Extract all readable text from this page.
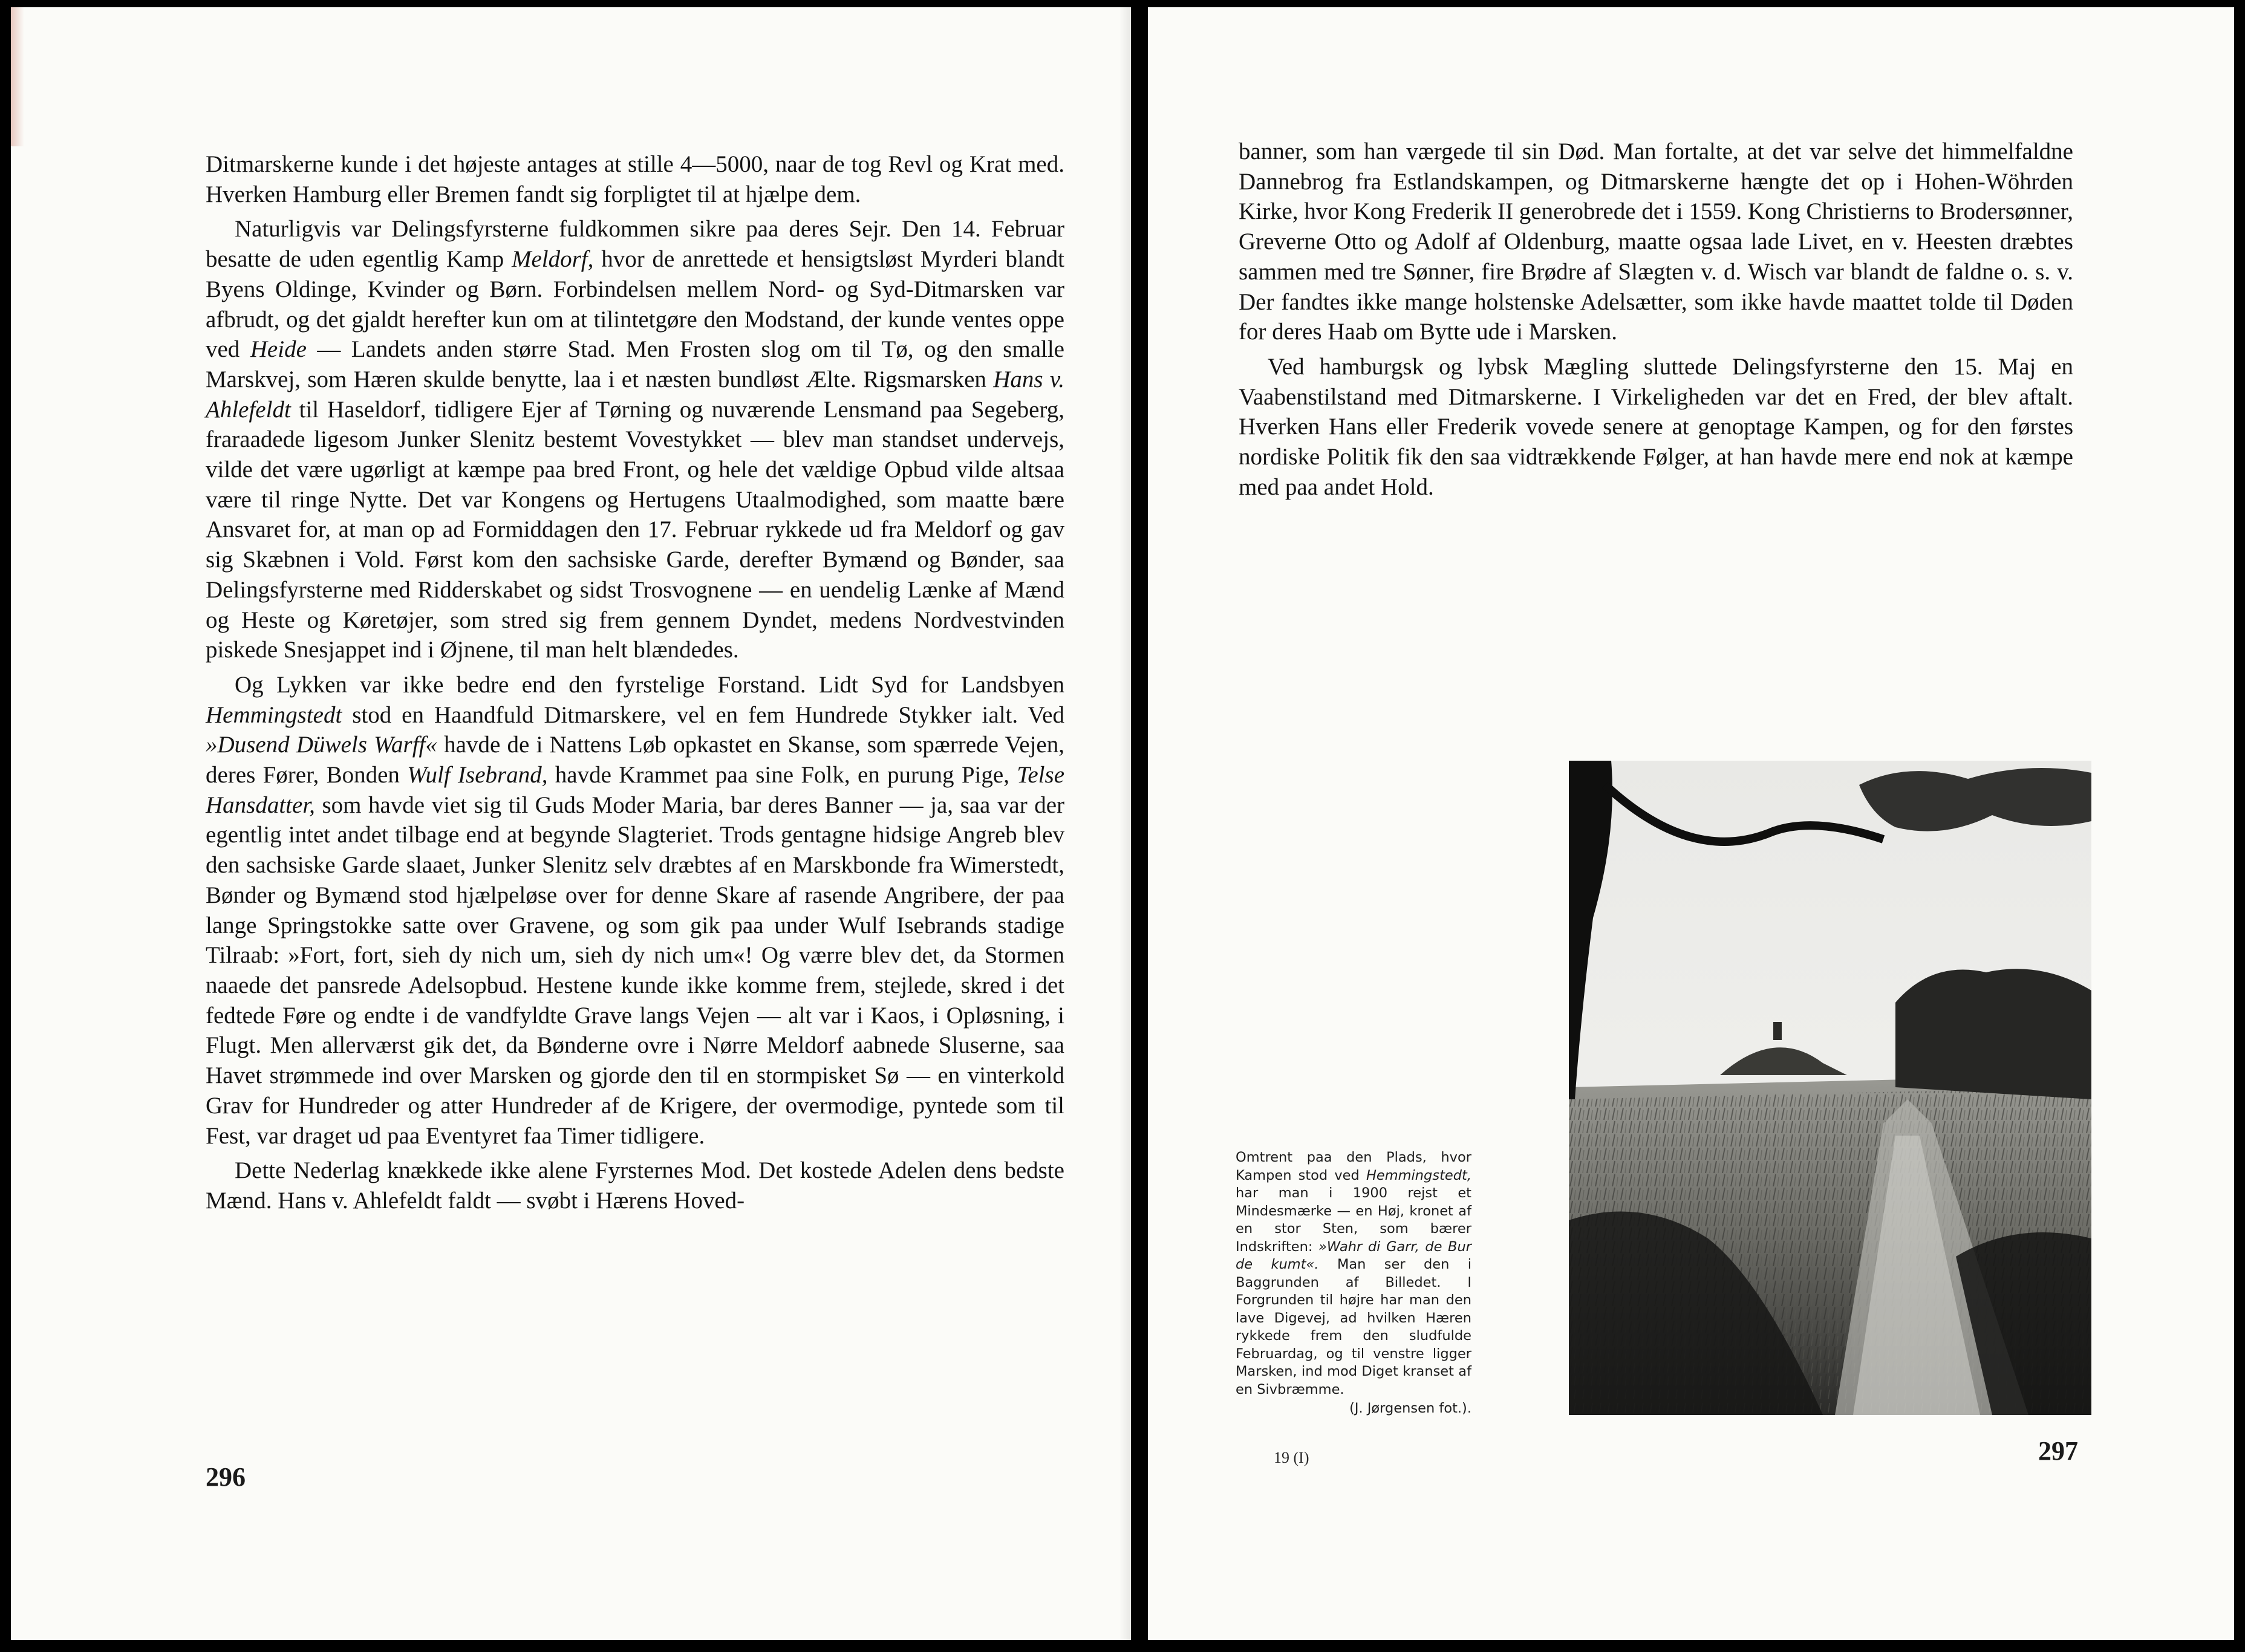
Ditmarskerne kunde i det højeste antages at stille 4—5000, naar de tog Revl og Krat med. Hverken Hamburg eller Bremen fandt sig forpligtet til at hjælpe dem.

Naturligvis var Delingsfyrsterne fuldkommen sikre paa deres Sejr. Den 14. Februar besatte de uden egentlig Kamp Meldorf, hvor de anrettede et hensigtsløst Myrderi blandt Byens Oldinge, Kvinder og Børn. Forbindelsen mellem Nord- og Syd-Ditmarsken var afbrudt, og det gjaldt herefter kun om at tilintetgøre den Modstand, der kunde ventes oppe ved Heide — Landets anden større Stad. Men Frosten slog om til Tø, og den smalle Marskvej, som Hæren skulde benytte, laa i et næsten bundløst Ælte. Rigsmarsken Hans v. Ahlefeldt til Haseldorf, tidligere Ejer af Tørning og nuværende Lensmand paa Segeberg, fraraadede ligesom Junker Slenitz bestemt Vovestykket — blev man standset undervejs, vilde det være ugørligt at kæmpe paa bred Front, og hele det vældige Opbud vilde altsaa være til ringe Nytte. Det var Kongens og Hertugens Utaalmodighed, som maatte bære Ansvaret for, at man op ad Formiddagen den 17. Februar rykkede ud fra Meldorf og gav sig Skæbnen i Vold. Først kom den sachsiske Garde, derefter Bymænd og Bønder, saa Delingsfyrsterne med Ridderskabet og sidst Trosvognene — en uendelig Lænke af Mænd og Heste og Køretøjer, som stred sig frem gennem Dyndet, medens Nordvestvinden piskede Snesjappet ind i Øjnene, til man helt blændedes.

Og Lykken var ikke bedre end den fyrstelige Forstand. Lidt Syd for Landsbyen Hemmingstedt stod en Haandfuld Ditmarskere, vel en fem Hundrede Stykker ialt. Ved »Dusend Düwels Warff« havde de i Nattens Løb opkastet en Skanse, som spærrede Vejen, deres Fører, Bonden Wulf Isebrand, havde Krammet paa sine Folk, en purung Pige, Telse Hansdatter, som havde viet sig til Guds Moder Maria, bar deres Banner — ja, saa var der egentlig intet andet tilbage end at begynde Slagteriet. Trods gentagne hidsige Angreb blev den sachsiske Garde slaaet, Junker Slenitz selv dræbtes af en Marskbonde fra Wimerstedt, Bønder og Bymænd stod hjælpeløse over for denne Skare af rasende Angribere, der paa lange Springstokke satte over Gravene, og som gik paa under Wulf Isebrands stadige Tilraab: »Fort, fort, sieh dy nich um, sieh dy nich um«! Og værre blev det, da Stormen naaede det pansrede Adelsopbud. Hestene kunde ikke komme frem, stejlede, skred i det fedtede Føre og endte i de vandfyldte Grave langs Vejen — alt var i Kaos, i Opløsning, i Flugt. Men allerværst gik det, da Bønderne ovre i Nørre Meldorf aabnede Sluserne, saa Havet strømmede ind over Marsken og gjorde den til en stormpisket Sø — en vinterkold Grav for Hundreder og atter Hundreder af de Krigere, der overmodige, pyntede som til Fest, var draget ud paa Eventyret faa Timer tidligere.

Dette Nederlag knækkede ikke alene Fyrsternes Mod. Det kostede Adelen dens bedste Mænd. Hans v. Ahlefeldt faldt — svøbt i Hærens Hoved-

296

banner, som han værgede til sin Død. Man fortalte, at det var selve det himmelfaldne Dannebrog fra Estlandskampen, og Ditmarskerne hængte det op i Hohen-Wöhrden Kirke, hvor Kong Frederik II generobrede det i 1559. Kong Christierns to Brodersønner, Greverne Otto og Adolf af Oldenburg, maatte ogsaa lade Livet, en v. Heesten dræbtes sammen med tre Sønner, fire Brødre af Slægten v. d. Wisch var blandt de faldne o. s. v. Der fandtes ikke mange holstenske Adelsætter, som ikke havde maattet tolde til Døden for deres Haab om Bytte ude i Marsken.

Ved hamburgsk og lybsk Mægling sluttede Delingsfyrsterne den 15. Maj en Vaabenstilstand med Ditmarskerne. I Virkeligheden var det en Fred, der blev aftalt. Hverken Hans eller Frederik vovede senere at genoptage Kampen, og for den førstes nordiske Politik fik den saa vidtrækkende Følger, at han havde mere end nok at kæmpe med paa andet Hold.

Omtrent paa den Plads, hvor Kampen stod ved Hemmingstedt, har man i 1900 rejst et Mindesmærke — en Høj, kronet af en stor Sten, som bærer Indskriften: »Wahr di Garr, de Bur de kumt«. Man ser den i Baggrunden af Billedet. I Forgrunden til højre har man den lave Digevej, ad hvilken Hæren rykkede frem den sludfulde Februardag, og til venstre ligger Marsken, ind mod Diget kranset af en Sivbræmme.
(J. Jørgensen fot.).
19 (I)	297
